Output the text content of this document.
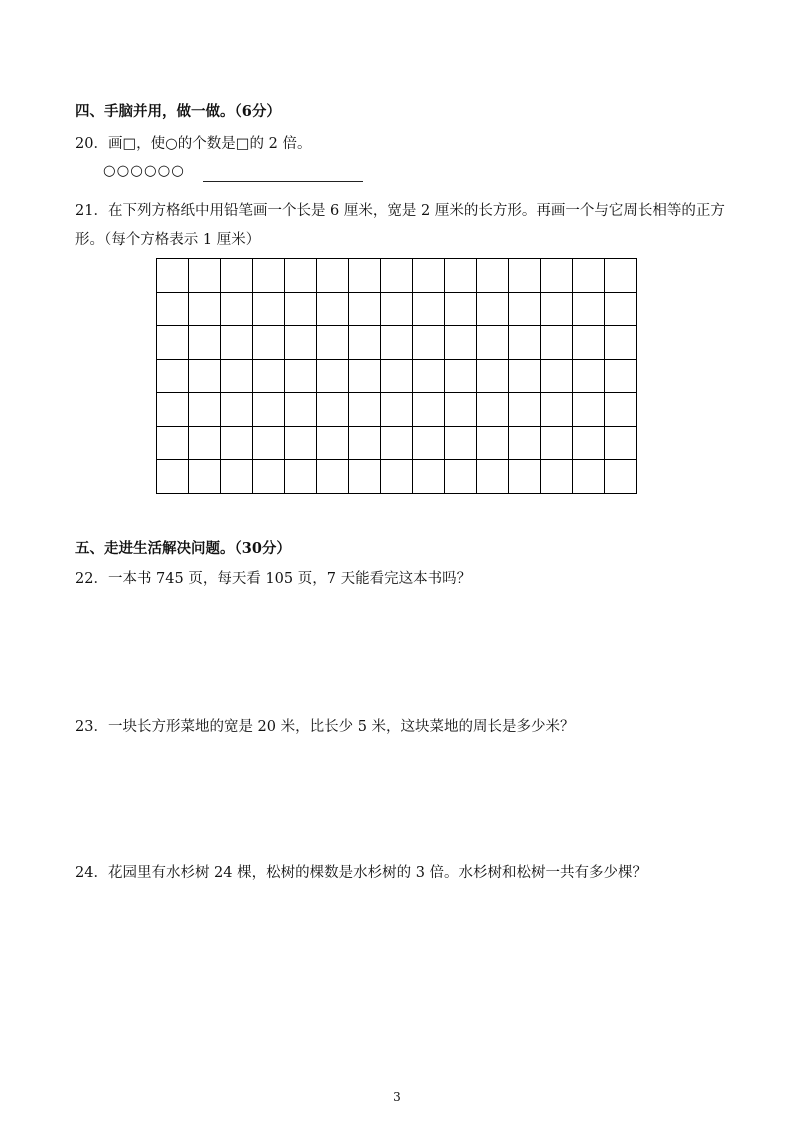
四、手脑并用，做一做。（6分）
20．画□，使○的个数是□的 2 倍。
○○○○○○
21．在下列方格纸中用铅笔画一个长是 6 厘米，宽是 2 厘米的长方形。再画一个与它周长相等的正方形。（每个方格表示 1 厘米）
五、走进生活解决问题。（30分）
22．一本书 745 页，每天看 105 页，7 天能看完这本书吗？
23．一块长方形菜地的宽是 20 米，比长少 5 米，这块菜地的周长是多少米？
24．花园里有水杉树 24 棵，松树的棵数是水杉树的 3 倍。水杉树和松树一共有多少棵？
3
